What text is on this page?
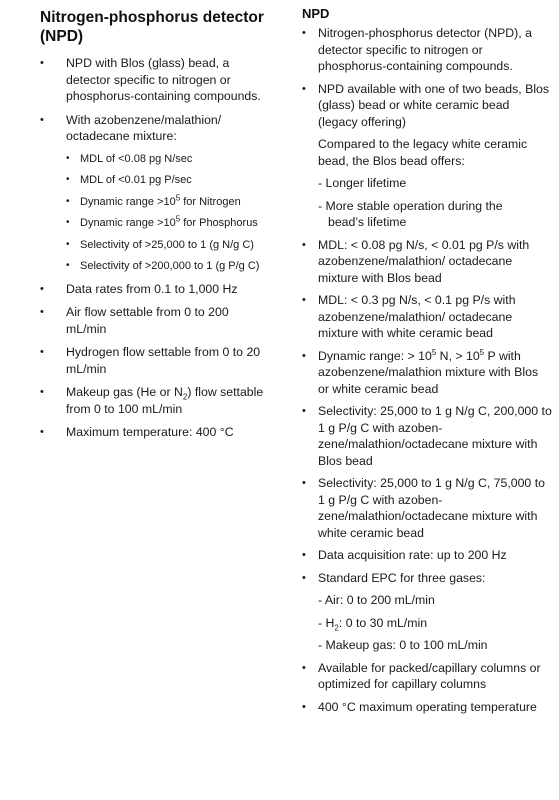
Nitrogen-phosphorus detector (NPD)
• NPD with Blos (glass) bead, a detector specific to nitrogen or phosphorus-containing compounds.
• With azobenzene/malathion/ octadecane mixture:
• MDL of <0.08 pg N/sec
• MDL of <0.01 pg P/sec
• Dynamic range $>10^5$ for Nitrogen
• Dynamic range $>10^5$ for Phosphorus
• Selectivity of >25,000 to 1 (g N/g C)
• Selectivity of >200,000 to 1 (g P/g C)
• Data rates from 0.1 to 1,000 Hz
• Air flow settable from 0 to 200 mL/min
• Hydrogen flow settable from 0 to 20 mL/min
• Makeup gas (He or $N_2$) flow settable from 0 to 100 mL/min
• Maximum temperature: 400 °C
NPD
• Nitrogen-phosphorus detector (NPD), a detector specific to nitrogen or phosphorus-containing compounds.
• NPD available with one of two beads, Blos (glass) bead or white ceramic bead (legacy offering)
Compared to the legacy white ceramic bead, the Blos bead offers:
- Longer lifetime
- More stable operation during the
bead’s lifetime
• MDL: < 0.08 pg N/s, < 0.01 pg P/s with azobenzene/malathion/ octadecane mixture with Blos bead
• MDL: < 0.3 pg N/s, < 0.1 pg P/s with azobenzene/malathion/ octadecane mixture with white ceramic bead
• Dynamic range: > $10^5$ N, > $10^5$ P with azobenzene/malathion mixture with Blos or white ceramic bead
• Selectivity: 25,000 to 1 g N/g C, 200,000 to 1 g P/g C with azoben-zene/malathion/octadecane mixture with Blos bead
• Selectivity: 25,000 to 1 g N/g C, 75,000 to 1 g P/g C with azoben-zene/malathion/octadecane mixture with white ceramic bead
• Data acquisition rate: up to 200 Hz
• Standard EPC for three gases:
- Air: 0 to 200 mL/min
- $H_2$: 0 to 30 mL/min
- Makeup gas: 0 to 100 mL/min
• Available for packed/capillary columns or optimized for capillary columns
• 400 °C maximum operating temperature
